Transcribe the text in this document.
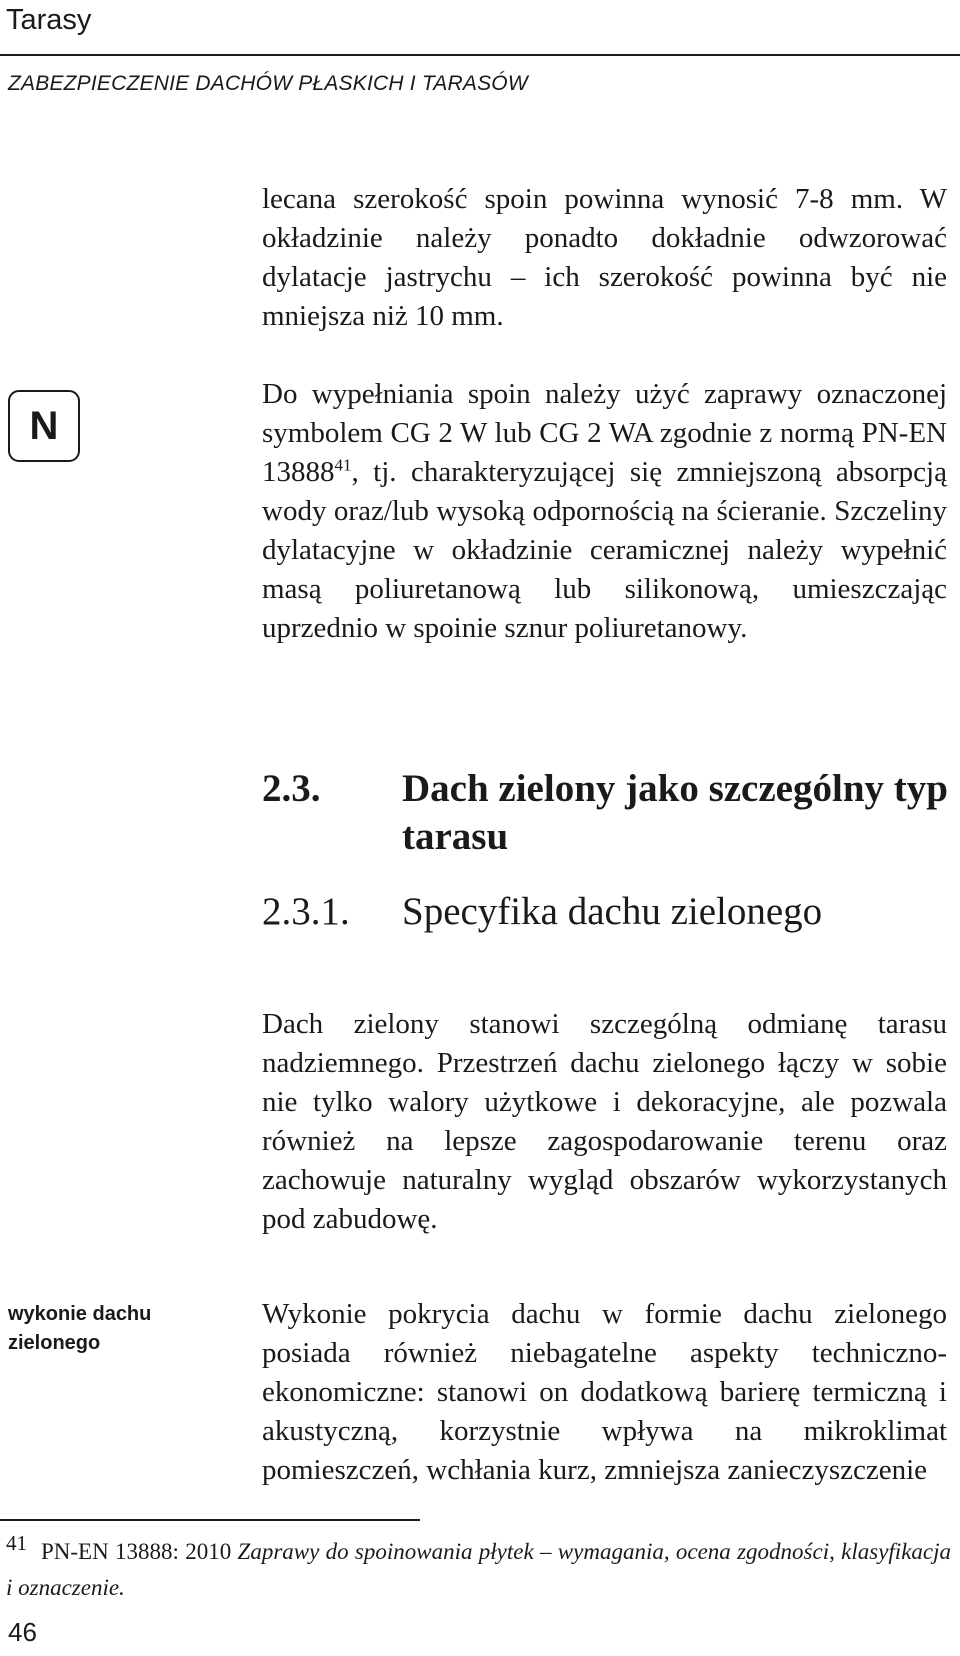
Tarasy
ZABEZPIECZENIE DACHÓW PŁASKICH I TARASÓW
lecana szerokość spoin powinna wynosić 7-8 mm. W okładzinie należy ponadto dokładnie odwzorować dylatacje jastrychu – ich szerokość powinna być nie mniejsza niż 10 mm.
N
Do wypełniania spoin należy użyć zaprawy oznaczonej symbolem CG 2 W lub CG 2 WA zgodnie z normą PN-EN 13888$^{41}$, tj. charakteryzującej się zmniejszoną absorpcją wody oraz/lub wysoką odpornością na ścieranie. Szczeliny dylatacyjne w okładzinie ceramicznej należy wypełnić masą poliuretanową lub silikonową, umieszczając uprzednio w spoinie sznur poliuretanowy.
2.3.	Dach zielony jako szczególny typ tarasu
2.3.1.	Specyfika dachu zielonego
Dach zielony stanowi szczególną odmianę tarasu nadziemnego. Przestrzeń dachu zielonego łączy w sobie nie tylko walory użytkowe i dekoracyjne, ale pozwala również na lepsze zagospodarowanie terenu oraz zachowuje naturalny wygląd obszarów wykorzystanych pod zabudowę.
wykonie dachu
zielonego
Wykonie pokrycia dachu w formie dachu zielonego posiada również niebagatelne aspekty techniczno-ekonomiczne: stanowi on dodatkową barierę termiczną i akustyczną, korzystnie wpływa na mikroklimat pomieszczeń, wchłania kurz, zmniejsza zanieczyszczenie
41 PN-EN 13888: 2010 Zaprawy do spoinowania płytek – wymagania, ocena zgodności, klasyfikacja i oznaczenie.
46
